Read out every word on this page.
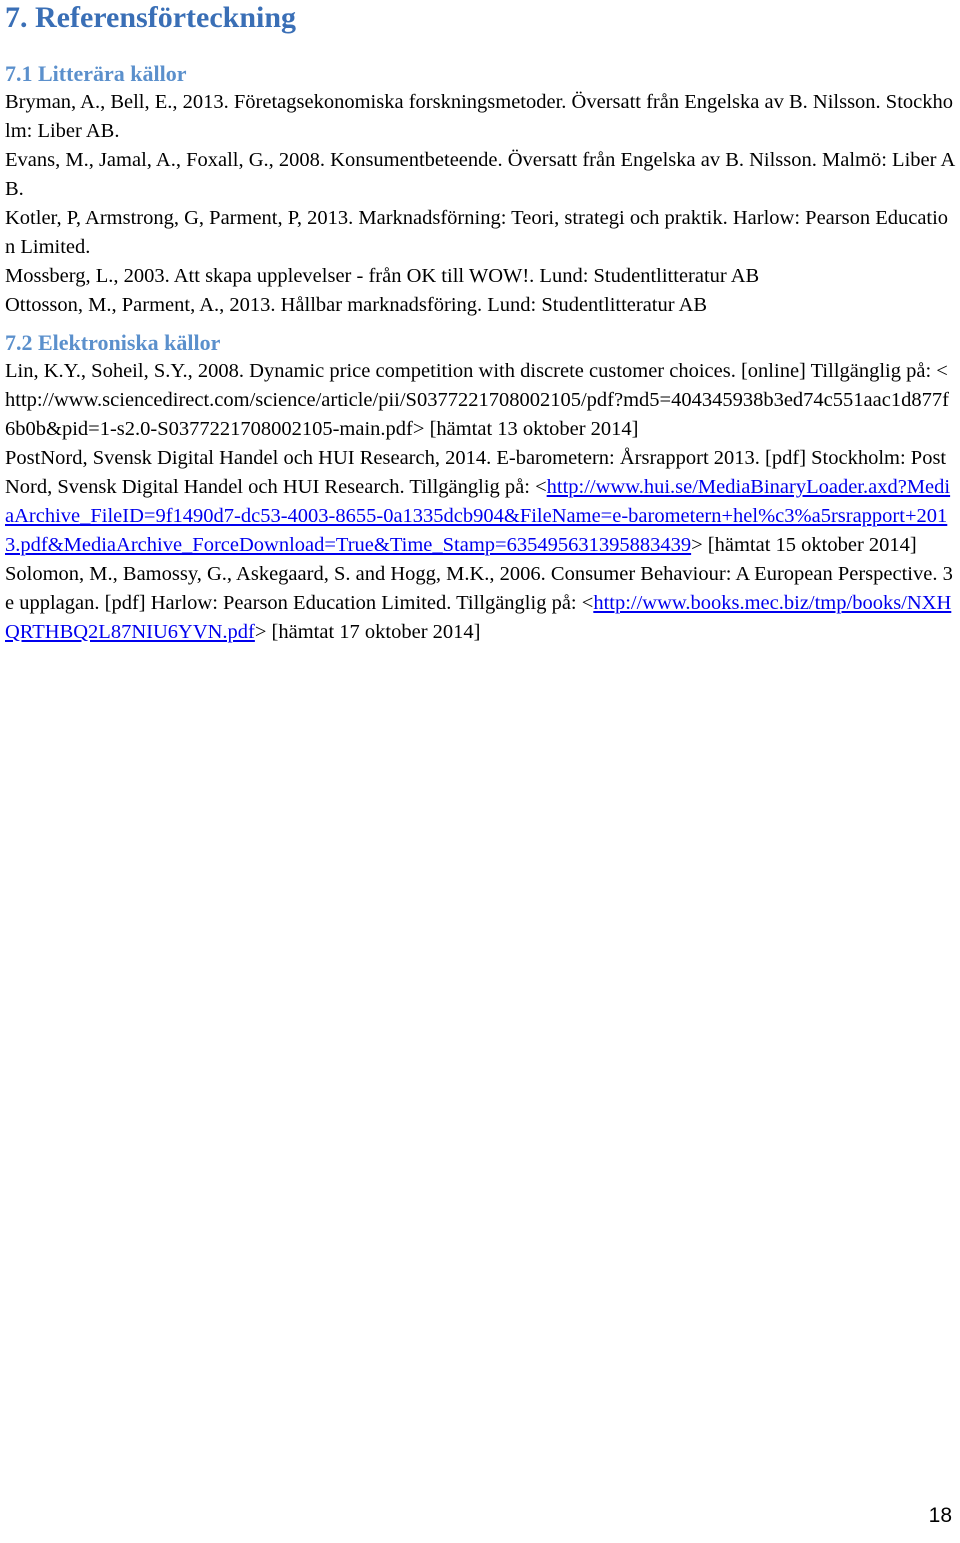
7. Referensförteckning
7.1 Litterära källor

Bryman, A., Bell, E., 2013. Företagsekonomiska forskningsmetoder. Översatt från Engelska av B. Nilsson. Stockholm: Liber AB.

Evans, M., Jamal, A., Foxall, G., 2008. Konsumentbeteende. Översatt från Engelska av B. Nilsson. Malmö: Liber AB.

Kotler, P, Armstrong, G, Parment, P, 2013. Marknadsförning: Teori, strategi och praktik. Harlow: Pearson Education Limited.

Mossberg, L., 2003. Att skapa upplevelser - från OK till WOW!. Lund: Studentlitteratur AB

Ottosson, M., Parment, A., 2013. Hållbar marknadsföring. Lund: Studentlitteratur AB

7.2 Elektroniska källor

Lin, K.Y., Soheil, S.Y., 2008. Dynamic price competition with discrete customer choices. [online] Tillgänglig på: <http://www.sciencedirect.com/science/article/pii/S0377221708002105/pdf?md5=404345938b3ed74c551aac1d877f6b0b&pid=1-s2.0-S0377221708002105-main.pdf> [hämtat 13 oktober 2014]

PostNord, Svensk Digital Handel och HUI Research, 2014. E-barometern: Årsrapport 2013. [pdf] Stockholm: PostNord, Svensk Digital Handel och HUI Research. Tillgänglig på: <http://www.hui.se/MediaBinaryLoader.axd?MediaArchive_FileID=9f1490d7-dc53-4003-8655-0a1335dcb904&FileName=e-barometern+hel%c3%a5rsrapport+2013.pdf&MediaArchive_ForceDownload=True&Time_Stamp=635495631395883439> [hämtat 15 oktober 2014]

Solomon, M., Bamossy, G., Askegaard, S. and Hogg, M.K., 2006. Consumer Behaviour: A European Perspective. 3e upplagan. [pdf] Harlow: Pearson Education Limited. Tillgänglig på: <http://www.books.mec.biz/tmp/books/NXHQRTHBQ2L87NIU6YVN.pdf> [hämtat 17 oktober 2014]

18
